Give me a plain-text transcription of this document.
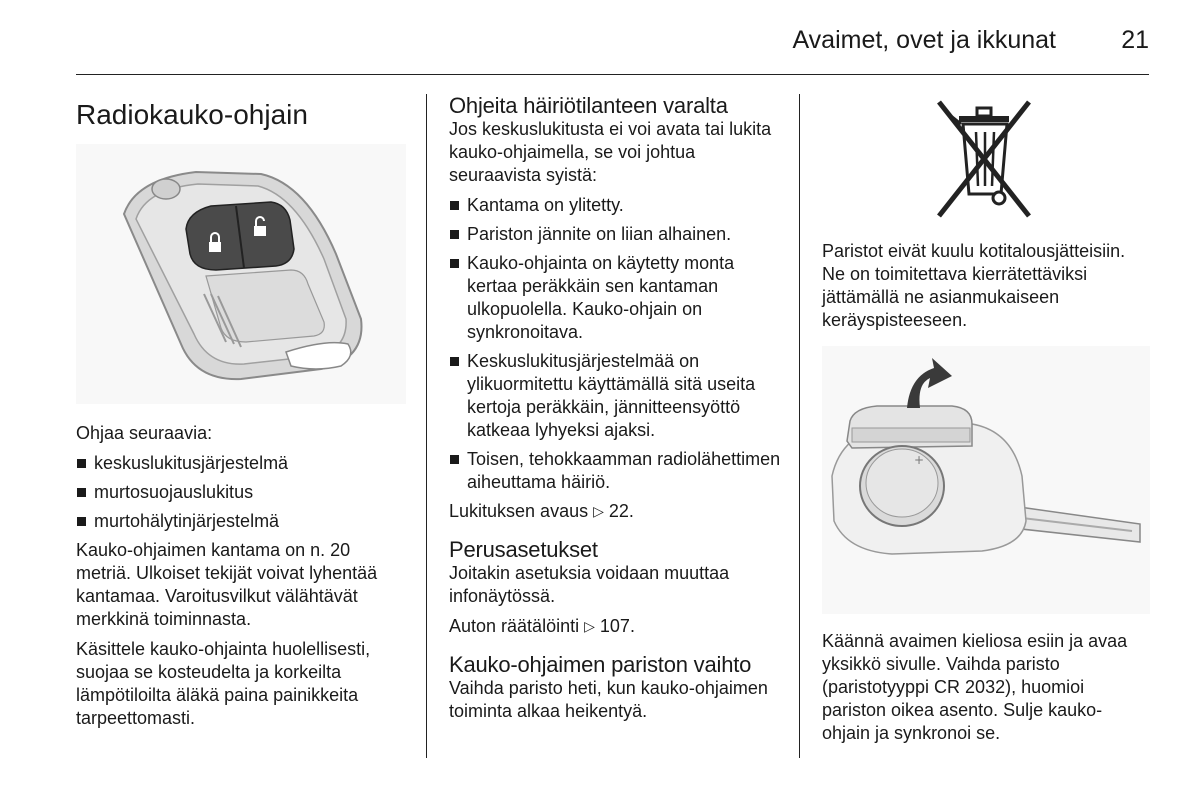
Avaimet, ovet ja ikkunat	21
Radiokauko-ohjain

Ohjaa seuraavia:

keskuslukitusjärjestelmä
murtosuojauslukitus
murtohälytinjärjestelmä

Kauko-ohjaimen kantama on n. 20 metriä. Ulkoiset tekijät voivat lyhentää kantamaa. Varoitusvilkut välähtävät merkkinä toiminnasta.

Käsittele kauko-ohjainta huolellisesti, suojaa se kosteudelta ja korkeilta lämpötiloilta äläkä paina painikkeita tarpeettomasti.

Ohjeita häiriötilanteen varalta

Jos keskuslukitusta ei voi avata tai lukita kauko-ohjaimella, se voi johtua seuraavista syistä:

Kantama on ylitetty.
Pariston jännite on liian alhainen.
Kauko-ohjainta on käytetty monta kertaa peräkkäin sen kantaman ulkopuolella. Kauko-ohjain on synkronoitava.
Keskuslukitusjärjestelmää on ylikuormitettu käyttämällä sitä useita kertoja peräkkäin, jännitteensyöttö katkeaa lyhyeksi ajaksi.
Toisen, tehokkaamman radiolähettimen aiheuttama häiriö.

Lukituksen avaus ▷ 22.

Perusasetukset

Joitakin asetuksia voidaan muuttaa infonäytössä.

Auton räätälöinti ▷ 107.

Kauko-ohjaimen pariston vaihto

Vaihda paristo heti, kun kauko-ohjaimen toiminta alkaa heikentyä.

Paristot eivät kuulu kotitalousjätteisiin. Ne on toimitettava kierrätettäviksi jättämällä ne asianmukaiseen keräyspisteeseen.

+

Käännä avaimen kieliosa esiin ja avaa yksikkö sivulle. Vaihda paristo (paristotyyppi CR 2032), huomioi pariston oikea asento. Sulje kauko-ohjain ja synkronoi se.
